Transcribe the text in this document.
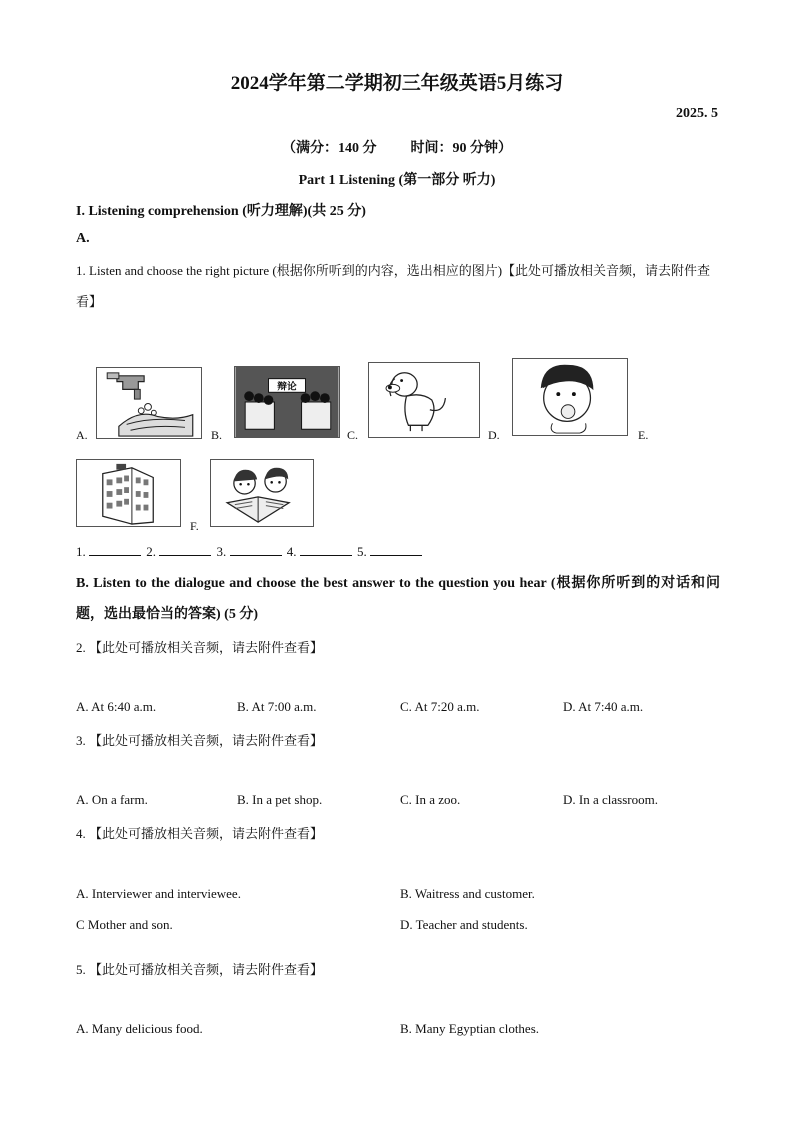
2024学年第二学期初三年级英语5月练习
2025. 5
（满分：140 分 时间：90 分钟）
Part 1 Listening (第一部分 听力)
I. Listening comprehension (听力理解)(共 25 分)
A.
1. Listen and choose the right picture (根据你所听到的内容，选出相应的图片)【此处可播放相关音频，请去附件查看】
A.
辩论
B.	C.	D.	E.
F.
1.	2.	3.	4.	5.
B. Listen to the dialogue and choose the best answer to the question you hear (根据你所听到的对话和问题，选出最恰当的答案) (5 分)
2. 【此处可播放相关音频，请去附件查看】
A. At 6:40 a.m.	B. At 7:00 a.m.	C. At 7:20 a.m.	D. At 7:40 a.m.
3. 【此处可播放相关音频，请去附件查看】
A. On a farm.	B. In a pet shop.	C. In a zoo.	D. In a classroom.
4. 【此处可播放相关音频，请去附件查看】
A. Interviewer and interviewee.	B. Waitress and customer.
C Mother and son.	D. Teacher and students.
5. 【此处可播放相关音频，请去附件查看】
A. Many delicious food.	B. Many Egyptian clothes.
